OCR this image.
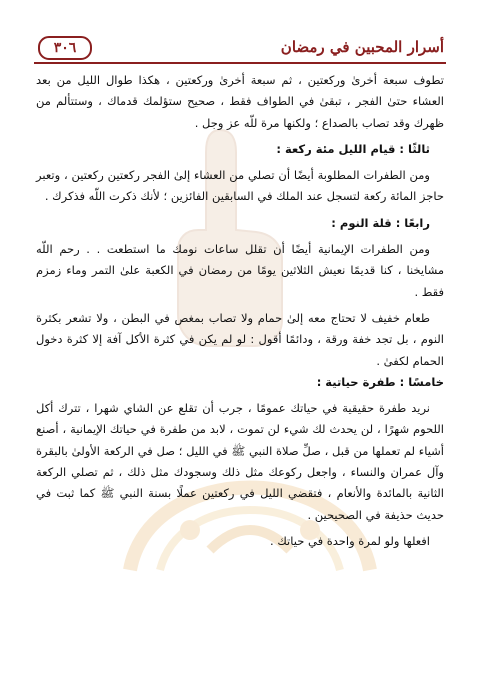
٣٠٦	أسرار المحبين في رمضان

تطوف سبعة أخرىٰ وركعتين ، ثم سبعة أخرىٰ وركعتين ، هكذا طوال الليل من بعد العشاء حتىٰ الفجر ، تبقىٰ في الطواف فقط ، صحيح ستؤلمك قدماك ، وستتألم من ظهرك وقد تصاب بالصداع ؛ ولكنها مرة للّه عز وجل .

ثالثًا : قيام الليل مئة ركعة :

ومن الطفرات المطلوبة أيضًا أن تصلي من العشاء إلىٰ الفجر ركعتين ركعتين ، وتعبر حاجز المائة ركعة لتسجل عند الملك في السابقين الفائزين ؛ لأنك ذكرت اللّه فذكرك .

رابعًا : قلة النوم :

ومن الطفرات الإيمانية أيضًا أن تقلل ساعات نومك ما استطعت . . رحم اللّه مشايخنا ، كنا قديمًا نعيش الثلاثين يومًا من رمضان في الكعبة علىٰ التمر وماء زمزم فقط .

طعام خفيف لا تحتاج معه إلىٰ حمام ولا تصاب بمغص في البطن ، ولا تشعر بكثرة النوم ، بل تجد خفة ورقة ، ودائمًا أقول : لو لم يكن في كثرة الأكل آفة إلا كثرة دخول الحمام لكفىٰ .

خامسًا : طفرة حياتية :

نريد طفرة حقيقية في حياتك عمومًا ، جرب أن تقلع عن الشاي شهرا ، تترك أكل اللحوم شهرًا ، لن يحدث لك شيء لن تموت ، لابد من طفرة في حياتك الإيمانية ، أصنع أشياء لم تعملها من قبل ، صلِّ صلاة النبي ﷺ في الليل ؛ صل في الركعة الأولىٰ بالبقرة وآل عمران والنساء ، واجعل ركوعك مثل ذلك وسجودك مثل ذلك ، ثم تصلي الركعة الثانية بالمائدة والأنعام ، فتقضي الليل في ركعتين عملًا بسنة النبي ﷺ كما ثبت في حديث حذيفة في الصحيحين .

افعلها ولو لمرة واحدة في حياتك .
